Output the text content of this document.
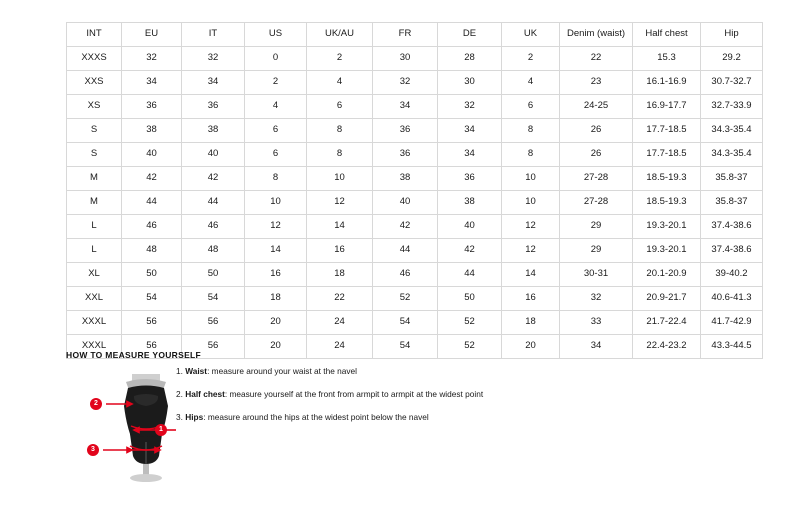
INT	EU	IT	US	UK/AU	FR	DE	UK	Denim (waist)	Half chest	Hip
XXXS	32	32	0	2	30	28	2	22	15.3	29.2
XXS	34	34	2	4	32	30	4	23	16.1-16.9	30.7-32.7
XS	36	36	4	6	34	32	6	24-25	16.9-17.7	32.7-33.9
S	38	38	6	8	36	34	8	26	17.7-18.5	34.3-35.4
S	40	40	6	8	36	34	8	26	17.7-18.5	34.3-35.4
M	42	42	8	10	38	36	10	27-28	18.5-19.3	35.8-37
M	44	44	10	12	40	38	10	27-28	18.5-19.3	35.8-37
L	46	46	12	14	42	40	12	29	19.3-20.1	37.4-38.6
L	48	48	14	16	44	42	12	29	19.3-20.1	37.4-38.6
XL	50	50	16	18	46	44	14	30-31	20.1-20.9	39-40.2
XXL	54	54	18	22	52	50	16	32	20.9-21.7	40.6-41.3
XXXL	56	56	20	24	54	52	18	33	21.7-22.4	41.7-42.9
XXXL	56	56	20	24	54	52	20	34	22.4-23.2	43.3-44.5
HOW TO MEASURE YOURSELF
1
2
3

1. Waist: measure around your waist at the navel

2. Half chest: measure yourself at the front from armpit to armpit at the widest point

3. Hips: measure around the hips at the widest point below the navel
